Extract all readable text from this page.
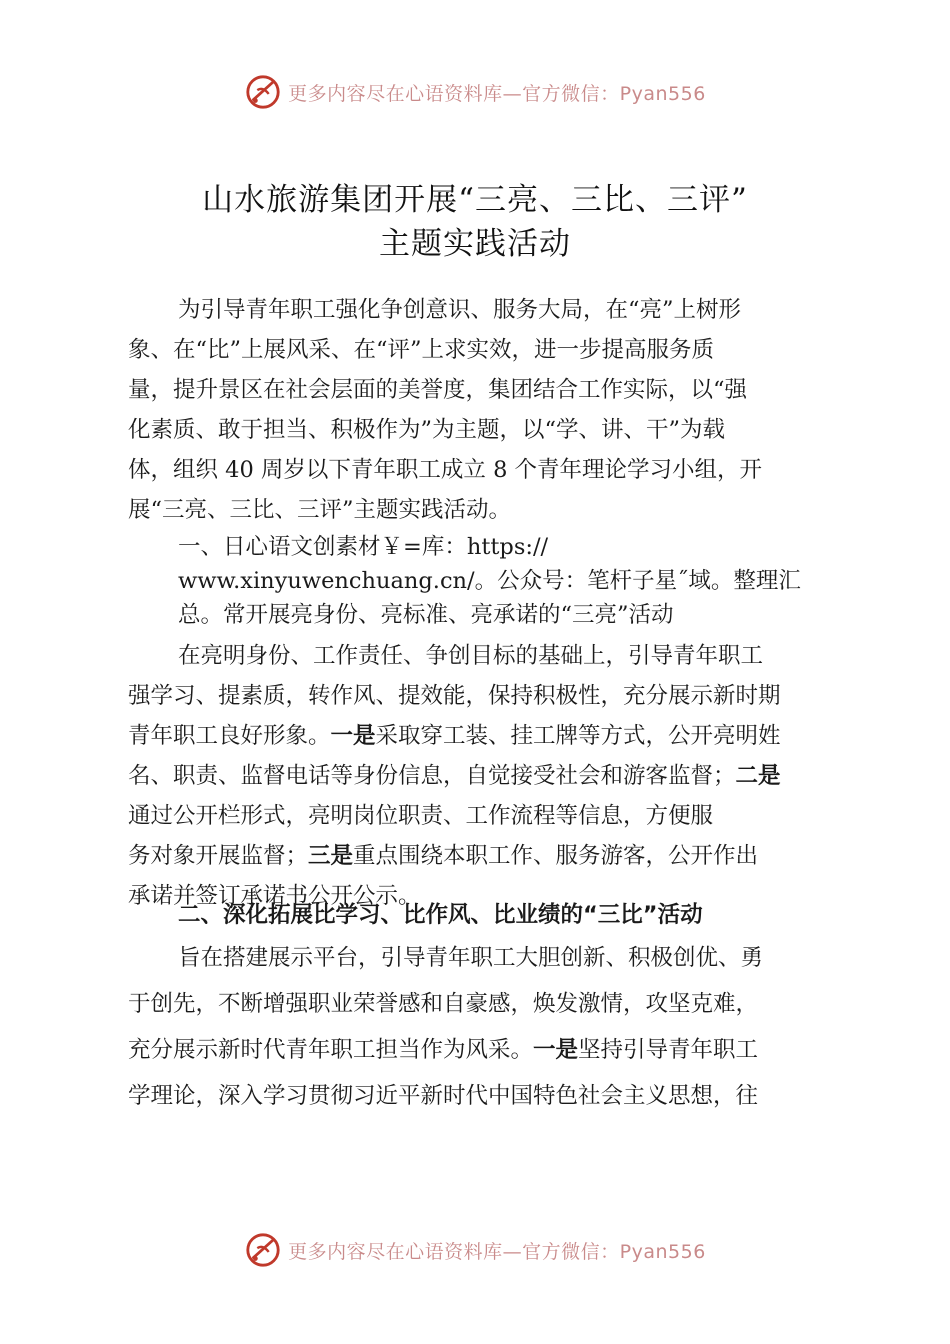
更多内容尽在心语资料库—官方微信：Pyan556
山水旅游集团开展“三亮、三比、三评”
主题实践活动
为引导青年职工强化争创意识、服务大局，在“亮”上树形
象、在“比”上展风采、在“评”上求实效，进一步提高服务质
量，提升景区在社会层面的美誉度，集团结合工作实际，以“强
化素质、敢于担当、积极作为”为主题，以“学、讲、干”为载
体，组织 40 周岁以下青年职工成立 8 个青年理论学习小组，开
展“三亮、三比、三评”主题实践活动。
一、日心语文创素材￥=库：https://
www.xinyuwenchuang.cn/。公众号：笔杆子星˝域。整理汇
总。常开展亮身份、亮标准、亮承诺的“三亮”活动
在亮明身份、工作责任、争创目标的基础上，引导青年职工
强学习、提素质，转作风、提效能，保持积极性，充分展示新时期
青年职工良好形象。一是采取穿工装、挂工牌等方式，公开亮明姓
名、职责、监督电话等身份信息，自觉接受社会和游客监督；二是
通过公开栏形式，亮明岗位职责、工作流程等信息，方便服
务对象开展监督；三是重点围绕本职工作、服务游客，公开作出
承诺并签订承诺书公开公示。
二、深化拓展比学习、比作风、比业绩的“三比”活动
旨在搭建展示平台，引导青年职工大胆创新、积极创优、勇
于创先，不断增强职业荣誉感和自豪感，焕发激情，攻坚克难，
充分展示新时代青年职工担当作为风采。一是坚持引导青年职工
学理论，深入学习贯彻习近平新时代中国特色社会主义思想，往
更多内容尽在心语资料库—官方微信：Pyan556
